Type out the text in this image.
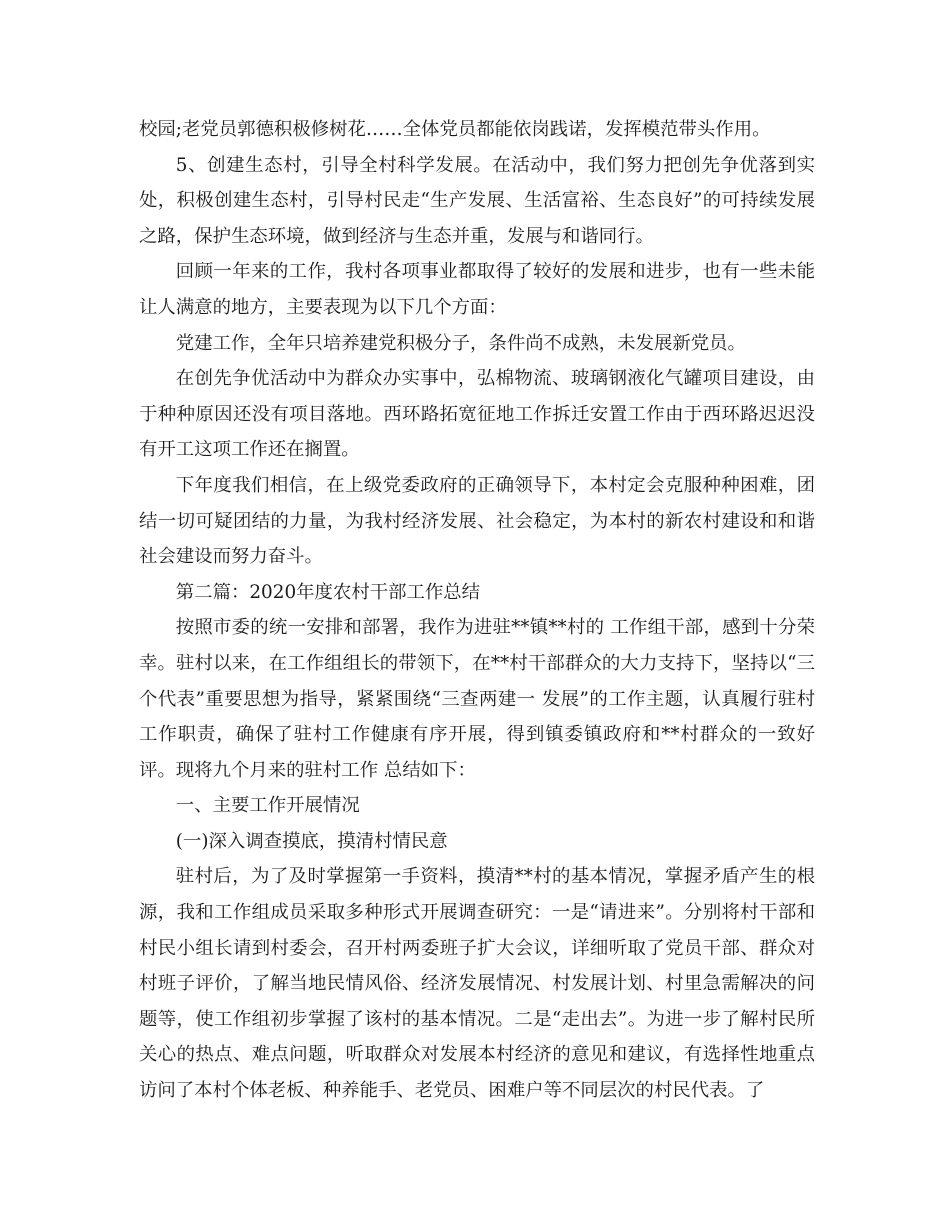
校园;老党员郭德积极修树花……全体党员都能依岗践诺，发挥模范带头作用。

5、创建生态村，引导全村科学发展。在活动中，我们努力把创先争优落到实处，积极创建生态村，引导村民走“生产发展、生活富裕、生态良好”的可持续发展之路，保护生态环境，做到经济与生态并重，发展与和谐同行。

回顾一年来的工作，我村各项事业都取得了较好的发展和进步，也有一些未能让人满意的地方，主要表现为以下几个方面：

党建工作，全年只培养建党积极分子，条件尚不成熟，未发展新党员。

在创先争优活动中为群众办实事中，弘棉物流、玻璃钢液化气罐项目建设，由于种种原因还没有项目落地。西环路拓宽征地工作拆迁安置工作由于西环路迟迟没有开工这项工作还在搁置。

下年度我们相信，在上级党委政府的正确领导下，本村定会克服种种困难，团结一切可疑团结的力量，为我村经济发展、社会稳定，为本村的新农村建设和和谐社会建设而努力奋斗。

第二篇：2020年度农村干部工作总结

按照市委的统一安排和部署，我作为进驻**镇**村的 工作组干部，感到十分荣幸。驻村以来，在工作组组长的带领下，在**村干部群众的大力支持下，坚持以“三个代表”重要思想为指导，紧紧围绕“三查两建一 发展”的工作主题，认真履行驻村工作职责，确保了驻村工作健康有序开展，得到镇委镇政府和**村群众的一致好评。现将九个月来的驻村工作 总结如下：

一、主要工作开展情况

(一)深入调查摸底，摸清村情民意

驻村后，为了及时掌握第一手资料，摸清**村的基本情况，掌握矛盾产生的根源，我和工作组成员采取多种形式开展调查研究：一是“请进来”。分别将村干部和村民小组长请到村委会，召开村两委班子扩大会议，详细听取了党员干部、群众对村班子评价，了解当地民情风俗、经济发展情况、村发展计划、村里急需解决的问题等，使工作组初步掌握了该村的基本情况。二是“走出去”。为进一步了解村民所关心的热点、难点问题，听取群众对发展本村经济的意见和建议，有选择性地重点访问了本村个体老板、种养能手、老党员、困难户等不同层次的村民代表。了
